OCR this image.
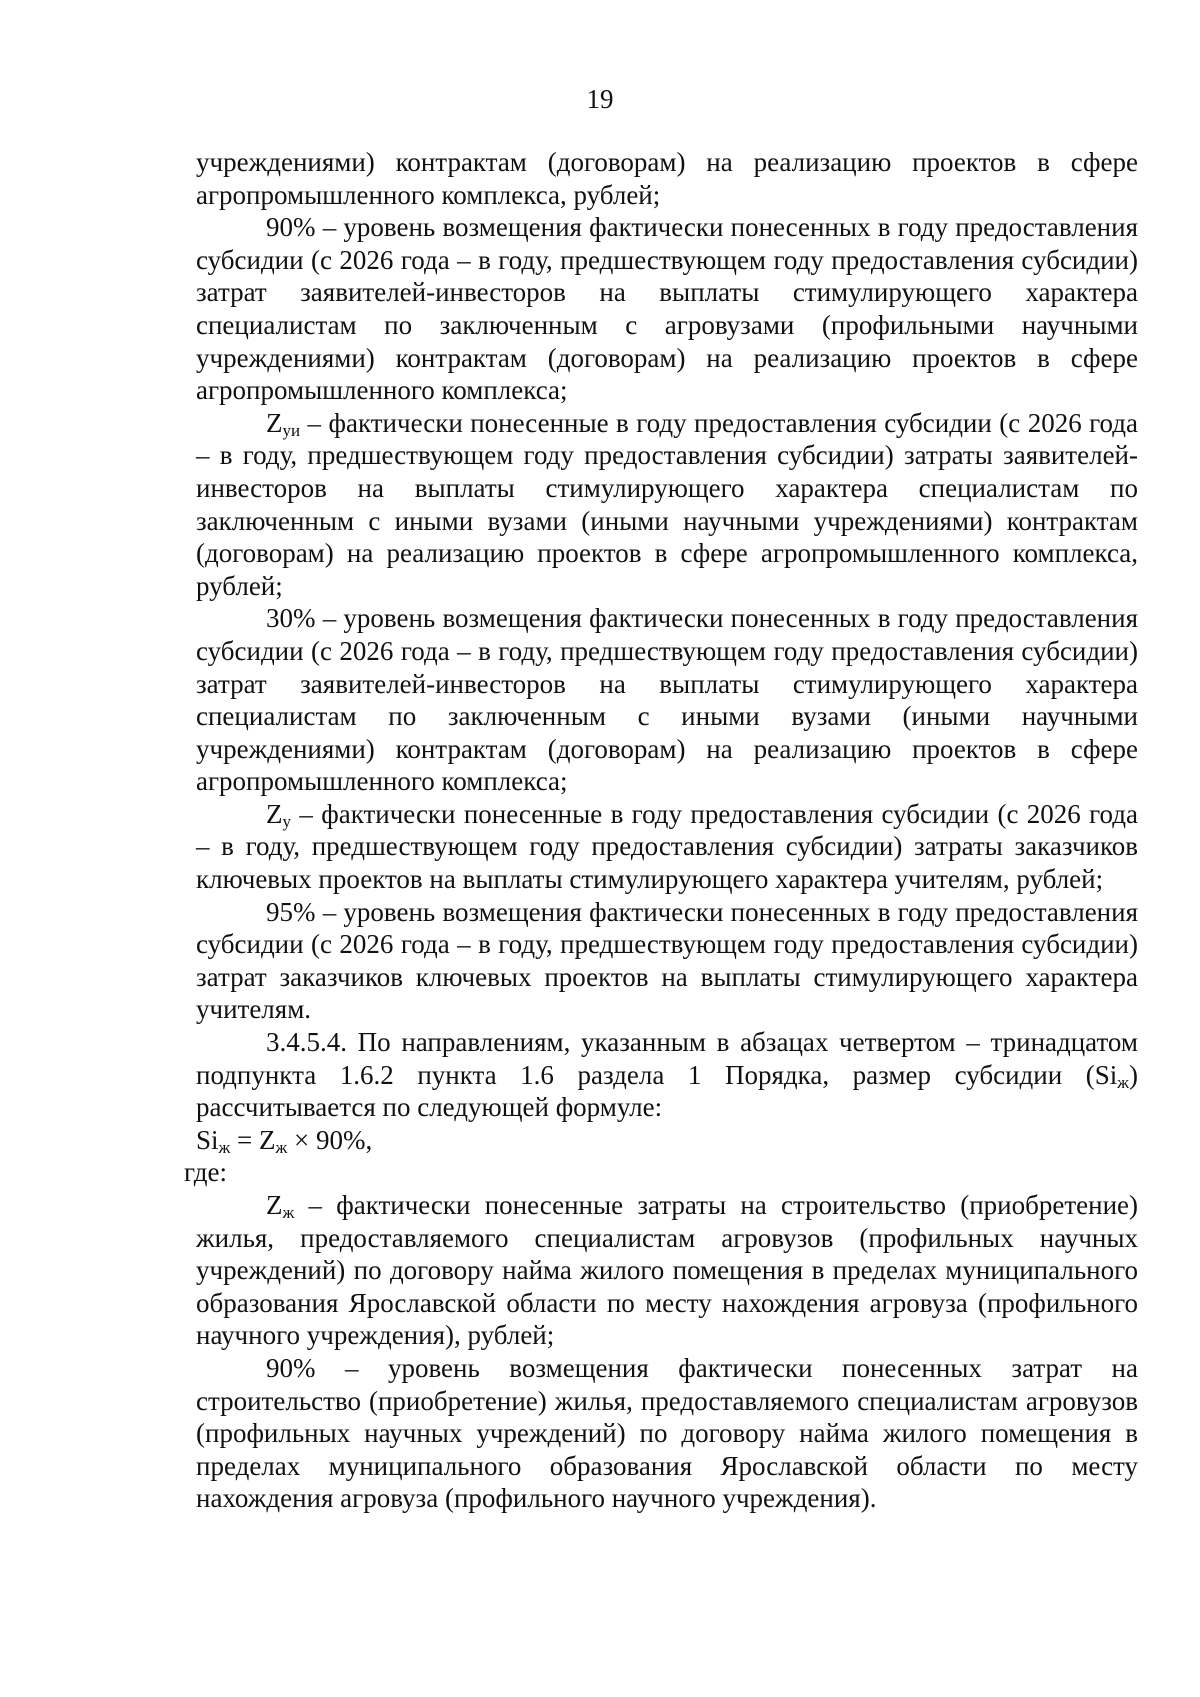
19

учреждениями) контрактам (договорам) на реализацию проектов в сфере агропромышленного комплекса, рублей;

90% – уровень возмещения фактически понесенных в году предоставления субсидии (с 2026 года – в году, предшествующем году предоставления субсидии) затрат заявителей-инвесторов на выплаты стимулирующего характера специалистам по заключенным с агровузами (профильными научными учреждениями) контрактам (договорам) на реализацию проектов в сфере агропромышленного комплекса;

$Z_{уи}$ – фактически понесенные в году предоставления субсидии (с 2026 года – в году, предшествующем году предоставления субсидии) затраты заявителей-инвесторов на выплаты стимулирующего характера специалистам по заключенным с иными вузами (иными научными учреждениями) контрактам (договорам) на реализацию проектов в сфере агропромышленного комплекса, рублей;

30% – уровень возмещения фактически понесенных в году предоставления субсидии (с 2026 года – в году, предшествующем году предоставления субсидии) затрат заявителей-инвесторов на выплаты стимулирующего характера специалистам по заключенным с иными вузами (иными научными учреждениями) контрактам (договорам) на реализацию проектов в сфере агропромышленного комплекса;

$Z_у$ – фактически понесенные в году предоставления субсидии (с 2026 года – в году, предшествующем году предоставления субсидии) затраты заказчиков ключевых проектов на выплаты стимулирующего характера учителям, рублей;

95% – уровень возмещения фактически понесенных в году предоставления субсидии (с 2026 года – в году, предшествующем году предоставления субсидии) затрат заказчиков ключевых проектов на выплаты стимулирующего характера учителям.

3.4.5.4. По направлениям, указанным в абзацах четвертом – тринадцатом подпункта 1.6.2 пункта 1.6 раздела 1 Порядка, размер субсидии $(Si_ж)$ рассчитывается по следующей формуле:

$Si_ж = Z_ж \times 90\%$,

где:

$Z_ж$ – фактически понесенные затраты на строительство (приобретение) жилья, предоставляемого специалистам агровузов (профильных научных учреждений) по договору найма жилого помещения в пределах муниципального образования Ярославской области по месту нахождения агровуза (профильного научного учреждения), рублей;

90% – уровень возмещения фактически понесенных затрат на строительство (приобретение) жилья, предоставляемого специалистам агровузов (профильных научных учреждений) по договору найма жилого помещения в пределах муниципального образования Ярославской области по месту нахождения агровуза (профильного научного учреждения).
